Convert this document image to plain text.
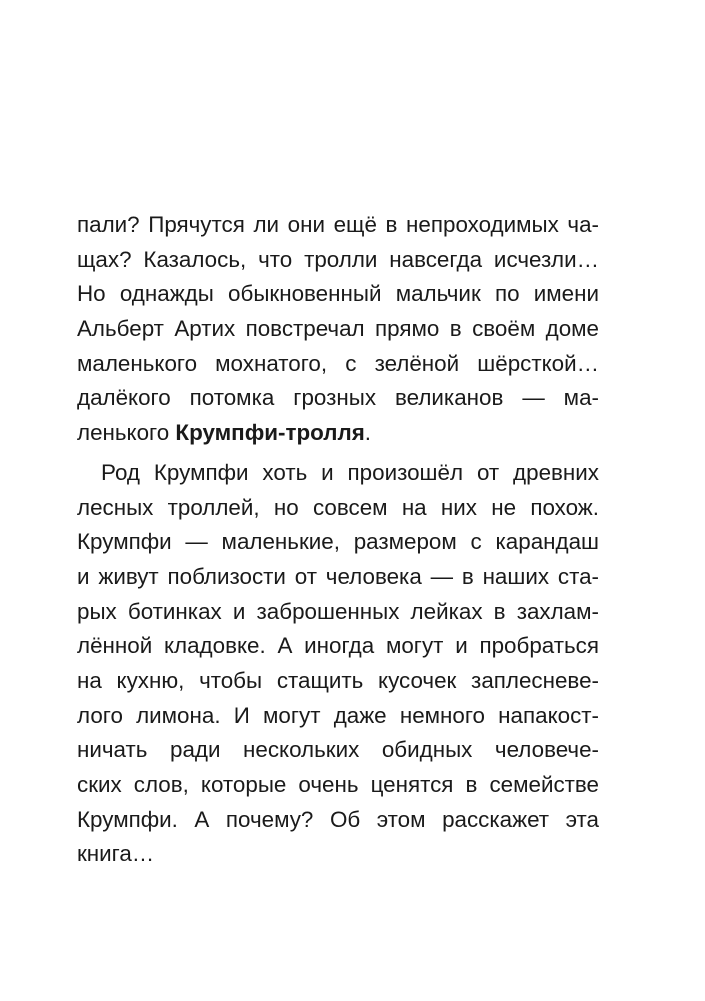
пали? Прячутся ли они ещё в непроходимых ча-
щах? Казалось, что тролли навсегда исчезли…
Но однажды обыкновенный мальчик по имени
Альберт Артих повстречал прямо в своём доме
маленького мохнатого, с зелёной шёрсткой…
далёкого потомка грозных великанов — ма-
ленького Крумпфи-тролля.
Род Крумпфи хоть и произошёл от древних
лесных троллей, но совсем на них не похож.
Крумпфи — маленькие, размером с карандаш
и живут поблизости от человека — в наших ста-
рых ботинках и заброшенных лейках в захлам-
лённой кладовке. А иногда могут и пробраться
на кухню, чтобы стащить кусочек заплесневе-
лого лимона. И могут даже немного напакост-
ничать ради нескольких обидных человече-
ских слов, которые очень ценятся в семействе
Крумпфи. А почему? Об этом расскажет эта
книга…
